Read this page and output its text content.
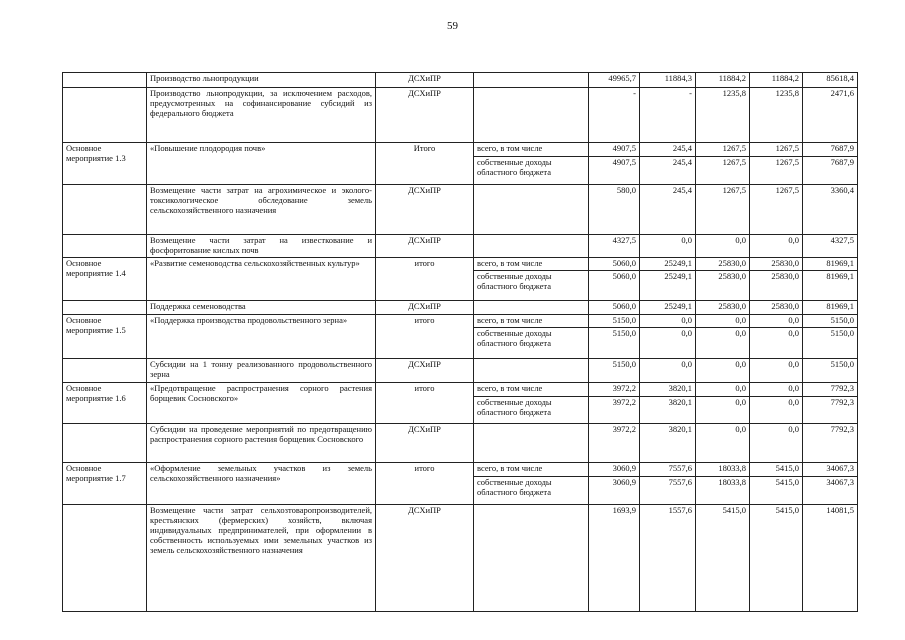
59
	Производство льнопродукции	ДСХиПР		49965,7	11884,3	11884,2	11884,2	85618,4
	Производство льнопродукции, за исключением расходов, предусмотренных на софинансирование субсидий из федерального бюджета	ДСХиПР		-	-	1235,8	1235,8	2471,6
Основное мероприятие 1.3	«Повышение плодородия почв»	Итого	всего, в том числе	4907,5	245,4	1267,5	1267,5	7687,9
			собственные доходы областного бюджета	4907,5	245,4	1267,5	1267,5	7687,9
	Возмещение части затрат на агрохимическое и эколого-токсикологическое обследование земель сельскохозяйственного назначения	ДСХиПР		580,0	245,4	1267,5	1267,5	3360,4
	Возмещение части затрат на известкование и фосфоритование кислых почв	ДСХиПР		4327,5	0,0	0,0	0,0	4327,5
Основное мероприятие 1.4	«Развитие семеноводства сельскохозяйственных культур»	итого	всего, в том числе	5060,0	25249,1	25830,0	25830,0	81969,1
			собственные доходы областного бюджета	5060,0	25249,1	25830,0	25830,0	81969,1
	Поддержка семеноводства	ДСХиПР		5060,0	25249,1	25830,0	25830,0	81969,1
Основное мероприятие 1.5	«Поддержка производства продовольственного зерна»	итого	всего, в том числе	5150,0	0,0	0,0	0,0	5150,0
			собственные доходы областного бюджета	5150,0	0,0	0,0	0,0	5150,0
	Субсидии на 1 тонну реализованного продовольственного зерна	ДСХиПР		5150,0	0,0	0,0	0,0	5150,0
Основное мероприятие 1.6	«Предотвращение распространения сорного растения борщевик Сосновского»	итого	всего, в том числе	3972,2	3820,1	0,0	0,0	7792,3
			собственные доходы областного бюджета	3972,2	3820,1	0,0	0,0	7792,3
	Субсидии на проведение мероприятий по предотвращению распространения сорного растения борщевик Сосновского	ДСХиПР		3972,2	3820,1	0,0	0,0	7792,3
Основное мероприятие 1.7	«Оформление земельных участков из земель сельскохозяйственного назначения»	итого	всего, в том числе	3060,9	7557,6	18033,8	5415,0	34067,3
			собственные доходы областного бюджета	3060,9	7557,6	18033,8	5415,0	34067,3
	Возмещение части затрат сельхозтоваропроизводителей, крестьянских (фермерских) хозяйств, включая индивидуальных предпринимателей, при оформлении в собственность используемых ими земельных участков из земель сельскохозяйственного назначения	ДСХиПР		1693,9	1557,6	5415,0	5415,0	14081,5
